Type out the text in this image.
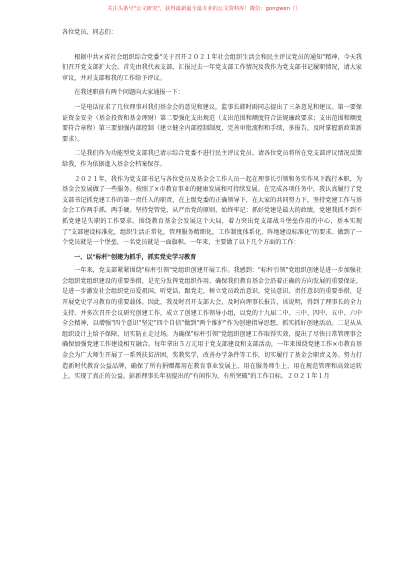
关注头条号"公文研究"，获得最新最全最专业的公文资料库！微信：gongwen（）

各位党员、同志们：

根据中共×省社会组织综合党委"关于召开２０２１年社会组织生活会和民主评议党员的通知"精神，今天我们召开党支部扩大会。首先由我代表支部，汇报过去一年党支部工作情况及我作为党支部书记履职情况，请大家审议，并对支部和我的工作给予评议。

在我述职前有两个问题向大家通报一下：

一是电话征求了几位理事对我们基金会的意见和建议，监事长韩时雨同志提出了三条意见和建议。第一要保证资金安全（基金投资和基金理财）第二要强化支出规范（支出范围和额度符合法规廉政要求；支出范围和额度要符合章程）第三要加强内部控制（建立健全内部控制制度，完善审批流程和手续，多报告，及时掌握新政策新要求）。

二是我们作为功能型党支部我已请示综合党委不进行民主评议党员。请各位党员将所在党支部评议情况反馈给我，作为依据進入基金会档案保存。

２０２１年，我作为党支部书记与各位党员及基金会工作人员一起在理事长引领和务实作风下践行本职，为基金会发展做了一些服务。按照了×市教育事业的健康发展和可持续发展。在完成各项任务中，我认真履行了党支部书记抓党建工作的第一责任人的职责，在上级党委的正确领导下，在大家的共同努力下，坚持党建工作与基金会工作两手抓、两手硬。坚持党管党、从严治党的原则，始终牢记：抓好党建是最大的政绩，党建我抓不到不抓党建是失职的工作要求。围绕教育基金会发展这个大局，着力突出党支部战斗堡垒作用的中心，基本实现了"支部建设标准化，组织生活正常化，管理服务精细化，工作制度体系化，阵地建设标准化"的要求。做到了一个党员就是一个堡垒，一名党员就是一面旗帜。一年来，主要做了以下几个方面的工作：

一、以"标杆"创建为抓手，抓实党史学习教育

一年来，党支部紧紧围绕"标杆引领"党组织创建开展工作。我感到："标杆引领"党组织创建是进一步加强社会组织党组织建设的重要举措，是充分发挥党组织作用、确保我们教育基金会沿着正确的方向发展的重要保证，是进一步激发社会组织党员爱祖国、听党话、跟党走，树立党员政治意识、党员意识、责任意识的重要举措，是开展党史学习教育的重要载体。因此，我及时召开支部大会，及时向理事长报告，该说明，得到了理事长的全力支持。并多次召开会议研究创建工作，成立了创建工作领导小组，以党的十九届二中、三中、四中、五中、六中全会精神，以增强"四个意识"坚定"四个自信"做到"两个维护"作为创建指导思想，抓实抓好创建活动。二是从从组织设计上给予保障，切实防止走过场。为确保"标杆引领"党组织创建工作取得实效，提出了尽快日常管理事会确保加强党建工作建设相互融合。每年拿出５万元用于党支部建设和支部活动，一年来围绕党建工作×市教育基金会为广大师生开展了一系列扶贫济困，奖教奖学，改善办学条件等工作，切实履行了基金会职责义务。努力打造新时代教育公益品牌，确保了所有捐赠都用在教育事业发展上，用在服务师生上，用在规范管理和高效运转上，实现了真正的公益。彭新理事长年初提出的"有闲作为，有所突破"的工作目标。２０２１年１月
